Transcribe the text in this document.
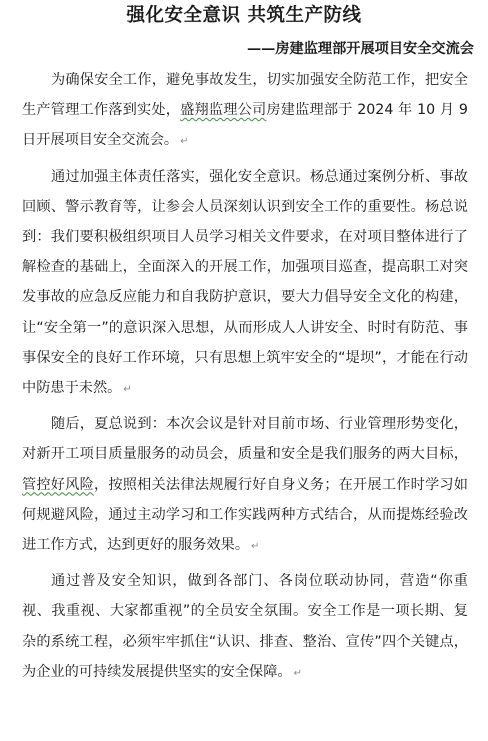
强化安全意识 共筑生产防线
——房建监理部开展项目安全交流会

为确保安全工作，避免事故发生，切实加强安全防范工作，把安全生产管理工作落到实处，盛翔监理公司房建监理部于 2024 年 10 月 9 日开展项目安全交流会。 ↵

通过加强主体责任落实，强化安全意识。杨总通过案例分析、事故回顾、警示教育等，让参会人员深刻认识到安全工作的重要性。杨总说到：我们要积极组织项目人员学习相关文件要求，在对项目整体进行了解检查的基础上，全面深入的开展工作，加强项目巡查，提高职工对突发事故的应急反应能力和自我防护意识，要大力倡导安全文化的构建，让“安全第一”的意识深入思想，从而形成人人讲安全、时时有防范、事事保安全的良好工作环境，只有思想上筑牢安全的“堤坝”，才能在行动中防患于未然。 ↵

随后，夏总说到：本次会议是针对目前市场、行业管理形势变化，对新开工项目质量服务的动员会，质量和安全是我们服务的两大目标，管控好风险，按照相关法律法规履行好自身义务；在开展工作时学习如何规避风险，通过主动学习和工作实践两种方式结合，从而提炼经验改进工作方式，达到更好的服务效果。 ↵

通过普及安全知识，做到各部门、各岗位联动协同，营造“你重视、我重视、大家都重视”的全员安全氛围。安全工作是一项长期、复杂的系统工程，必须牢牢抓住“认识、排查、整治、宣传”四个关键点，为企业的可持续发展提供坚实的安全保障。 ↵
